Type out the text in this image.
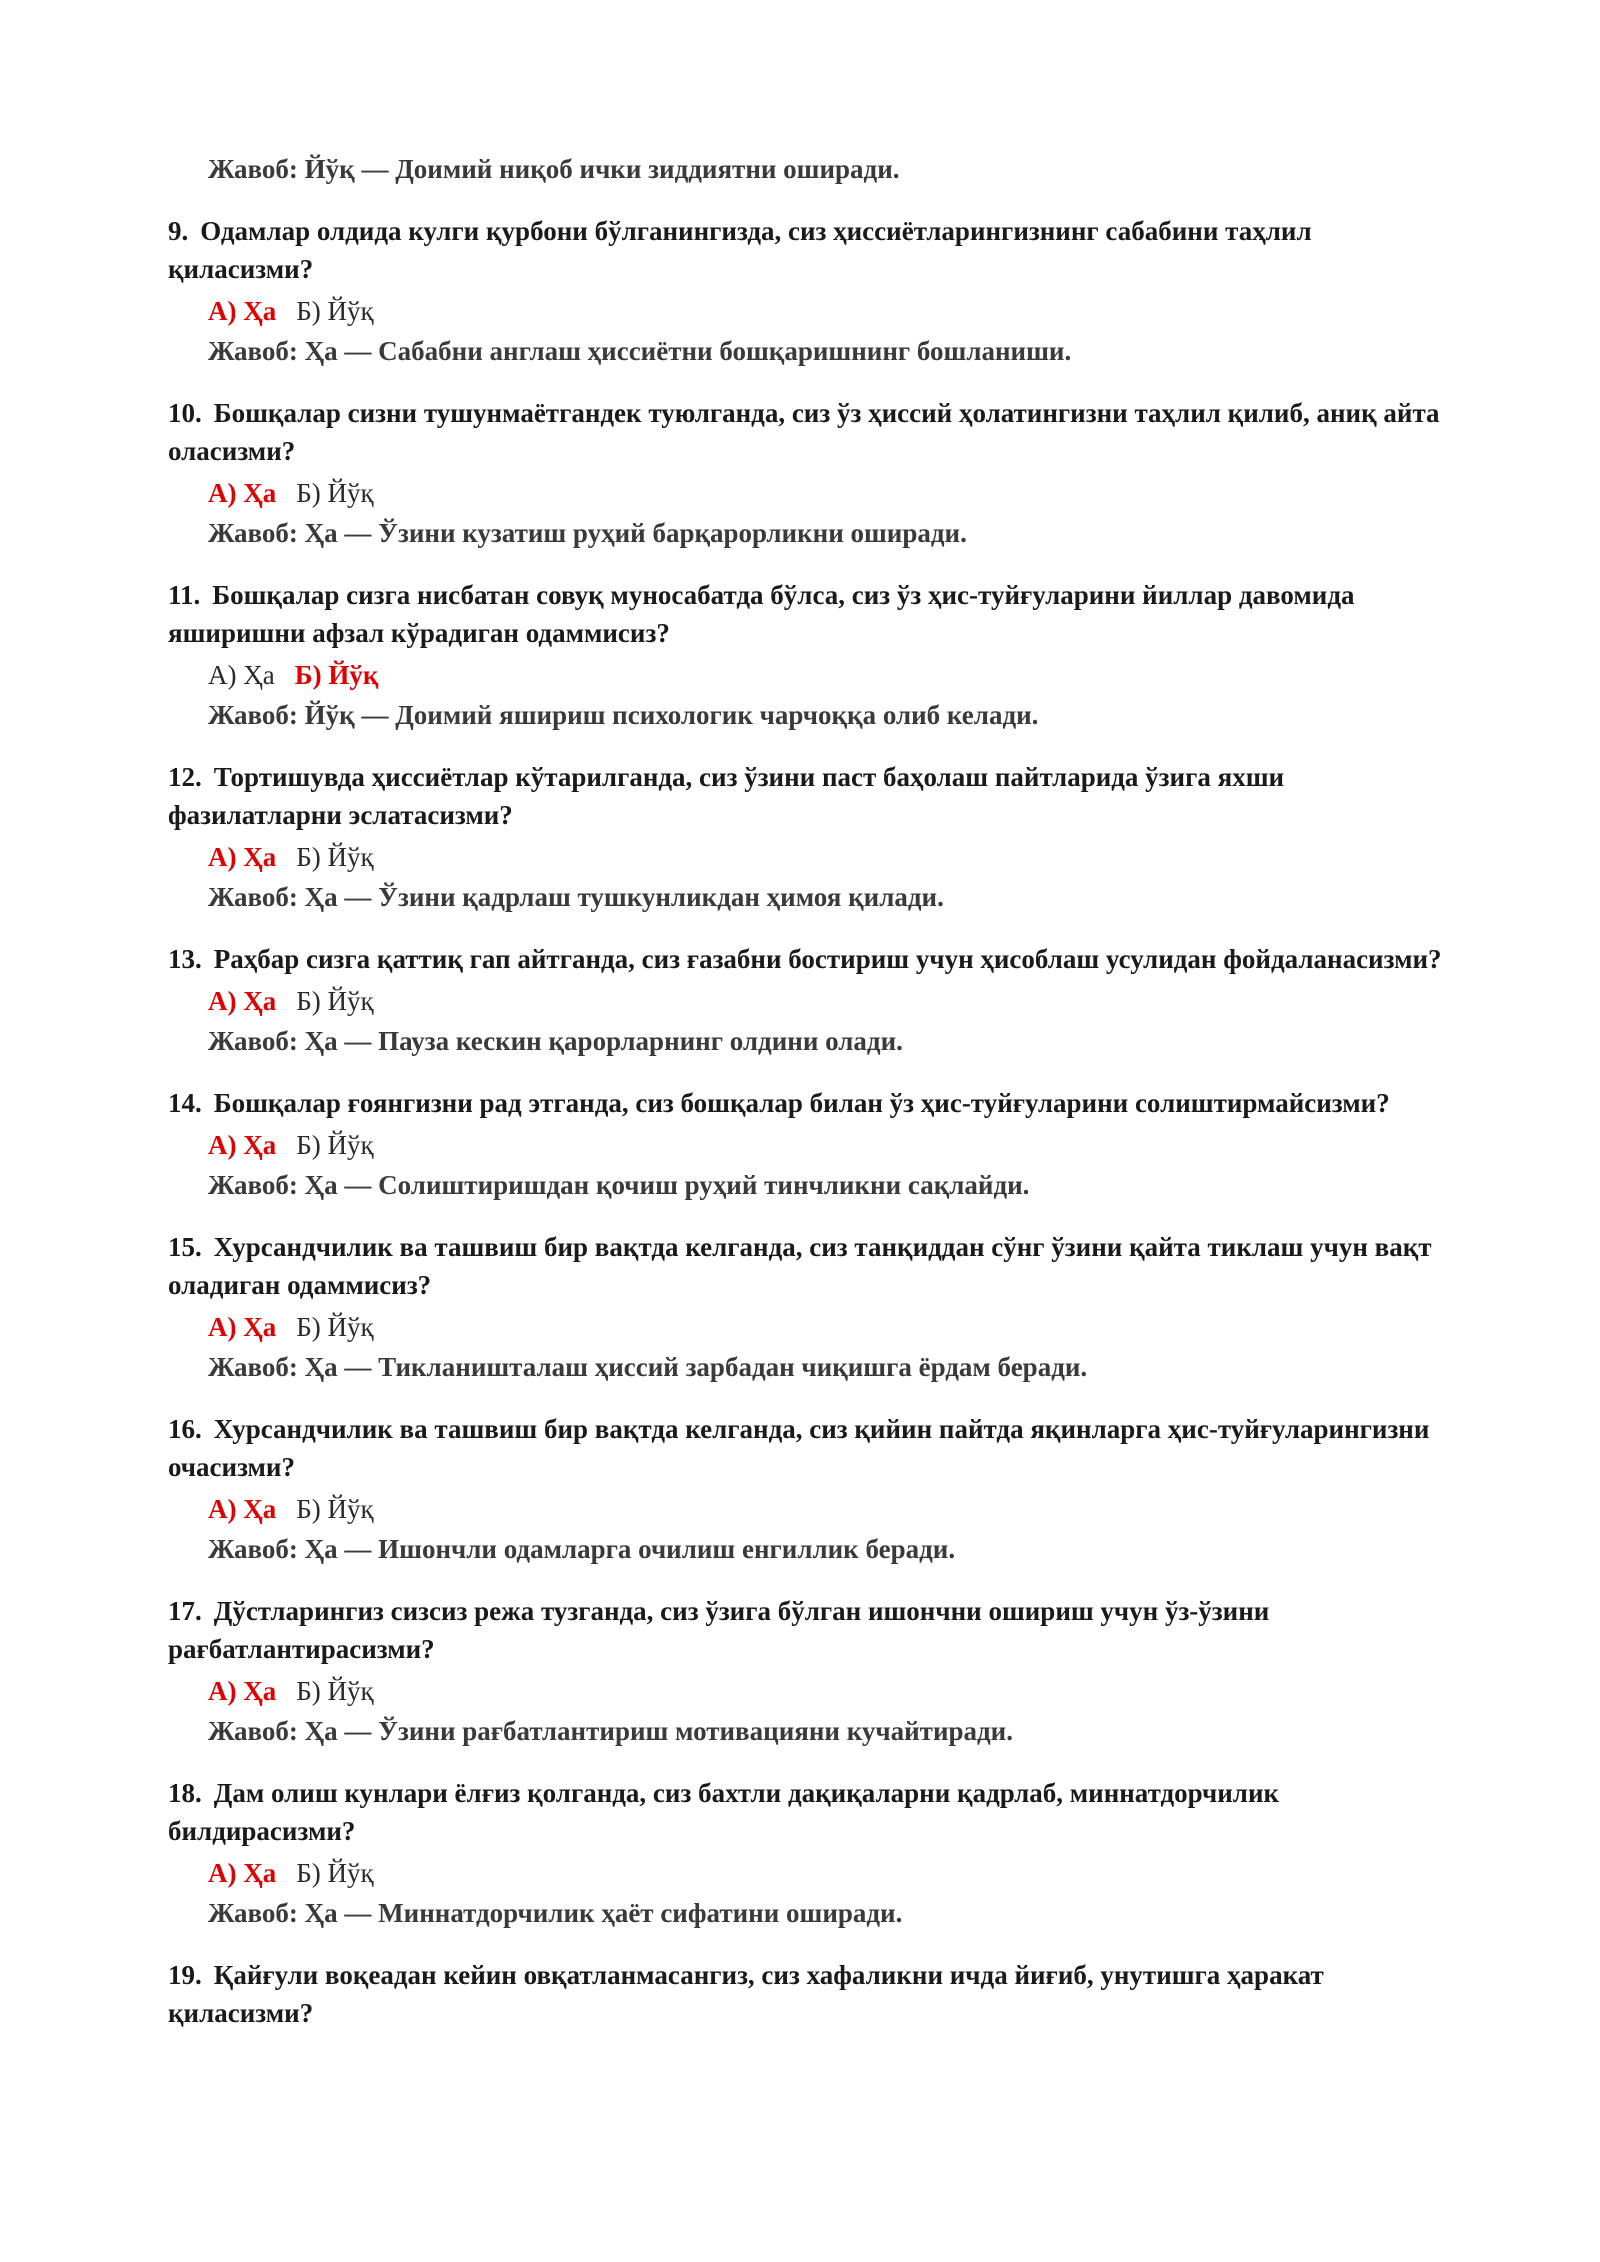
Жавоб: Йўқ — Доимий ниқоб ички зиддиятни оширади.
9. Одамлар олдида кулги қурбони бўлганингизда, сиз ҳиссиётларингизнинг сабабини таҳлил қиласизми?
А) Ҳа Б) Йўқ
Жавоб: Ҳа — Сабабни англаш ҳиссиётни бошқаришнинг бошланиши.
10. Бошқалар сизни тушунмаётгандек туюлганда, сиз ўз ҳиссий ҳолатингизни таҳлил қилиб, аниқ айта оласизми?
А) Ҳа Б) Йўқ
Жавоб: Ҳа — Ўзини кузатиш руҳий барқарорликни оширади.
11. Бошқалар сизга нисбатан совуқ муносабатда бўлса, сиз ўз ҳис-туйғуларини йиллар давомида яширишни афзал кўрадиган одаммисиз?
А) Ҳа Б) Йўқ
Жавоб: Йўқ — Доимий яшириш психологик чарчоққа олиб келади.
12. Тортишувда ҳиссиётлар кўтарилганда, сиз ўзини паст баҳолаш пайтларида ўзига яхши фазилатларни эслатасизми?
А) Ҳа Б) Йўқ
Жавоб: Ҳа — Ўзини қадрлаш тушкунликдан ҳимоя қилади.
13. Раҳбар сизга қаттиқ гап айтганда, сиз ғазабни бостириш учун ҳисоблаш усулидан фойдаланасизми?
А) Ҳа Б) Йўқ
Жавоб: Ҳа — Пауза кескин қарорларнинг олдини олади.
14. Бошқалар ғоянгизни рад этганда, сиз бошқалар билан ўз ҳис-туйғуларини солиштирмайсизми?
А) Ҳа Б) Йўқ
Жавоб: Ҳа — Солиштиришдан қочиш руҳий тинчликни сақлайди.
15. Хурсандчилик ва ташвиш бир вақтда келганда, сиз танқиддан сўнг ўзини қайта тиклаш учун вақт оладиган одаммисиз?
А) Ҳа Б) Йўқ
Жавоб: Ҳа — Тикланишталаш ҳиссий зарбадан чиқишга ёрдам беради.
16. Хурсандчилик ва ташвиш бир вақтда келганда, сиз қийин пайтда яқинларга ҳис-туйғуларингизни очасизми?
А) Ҳа Б) Йўқ
Жавоб: Ҳа — Ишончли одамларга очилиш енгиллик беради.
17. Дўстларингиз сизсиз режа тузганда, сиз ўзига бўлган ишончни ошириш учун ўз-ўзини рағбатлантирасизми?
А) Ҳа Б) Йўқ
Жавоб: Ҳа — Ўзини рағбатлантириш мотивацияни кучайтиради.
18. Дам олиш кунлари ёлғиз қолганда, сиз бахтли дақиқаларни қадрлаб, миннатдорчилик билдирасизми?
А) Ҳа Б) Йўқ
Жавоб: Ҳа — Миннатдорчилик ҳаёт сифатини оширади.
19. Қайғули воқеадан кейин овқатланмасангиз, сиз хафаликни ичда йиғиб, унутишга ҳаракат қиласизми?
